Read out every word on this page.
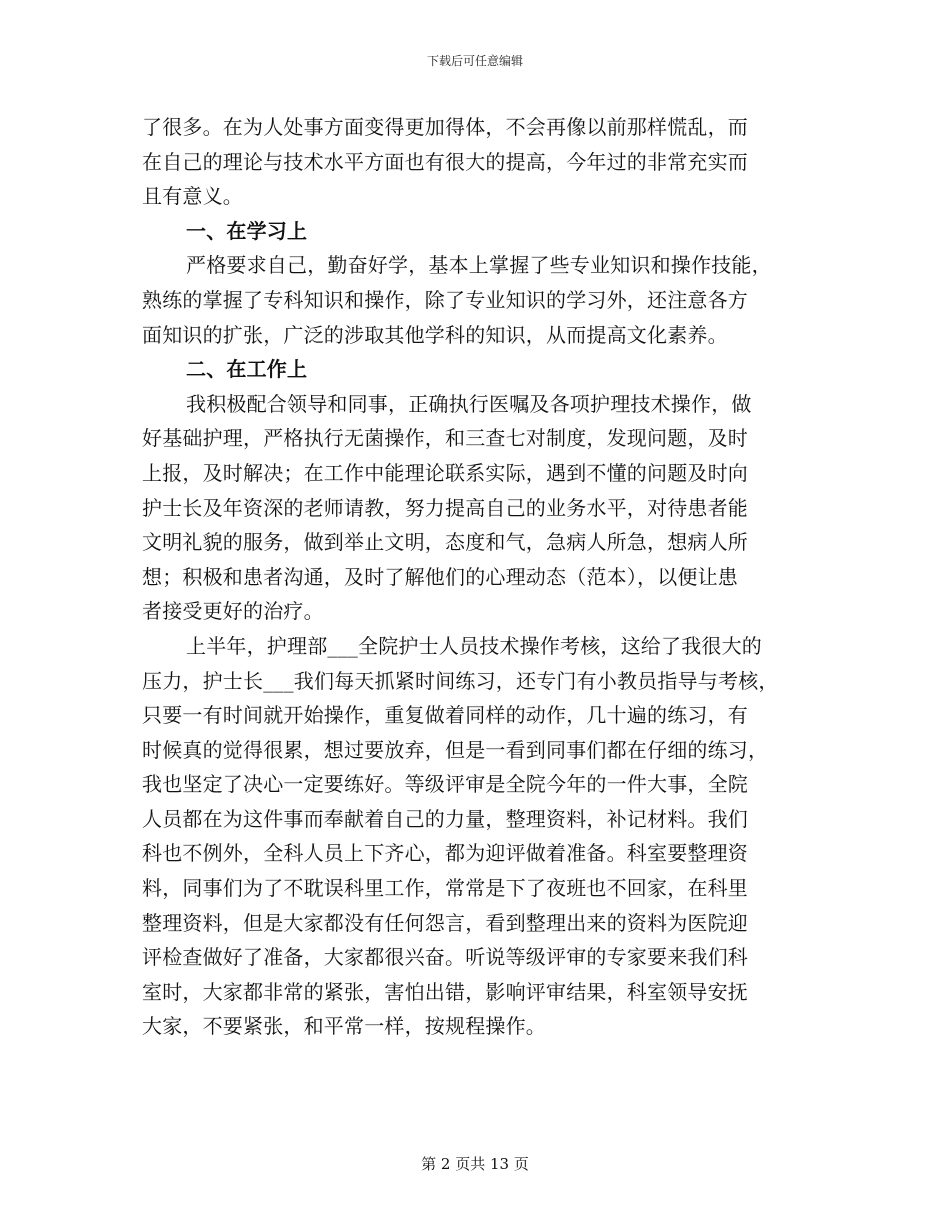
下载后可任意编辑
了很多。在为人处事方面变得更加得体，不会再像以前那样慌乱，而
在自己的理论与技术水平方面也有很大的提高，今年过的非常充实而
且有意义。
一、在学习上
严格要求自己，勤奋好学，基本上掌握了些专业知识和操作技能，
熟练的掌握了专科知识和操作，除了专业知识的学习外，还注意各方
面知识的扩张，广泛的涉取其他学科的知识，从而提高文化素养。
二、在工作上
我积极配合领导和同事，正确执行医嘱及各项护理技术操作，做
好基础护理，严格执行无菌操作，和三查七对制度，发现问题，及时
上报，及时解决；在工作中能理论联系实际，遇到不懂的问题及时向
护士长及年资深的老师请教，努力提高自己的业务水平，对待患者能
文明礼貌的服务，做到举止文明，态度和气，急病人所急，想病人所
想；积极和患者沟通，及时了解他们的心理动态（范本），以便让患
者接受更好的治疗。
上半年，护理部___全院护士人员技术操作考核，这给了我很大的
压力，护士长___我们每天抓紧时间练习，还专门有小教员指导与考核，
只要一有时间就开始操作，重复做着同样的动作，几十遍的练习，有
时候真的觉得很累，想过要放弃，但是一看到同事们都在仔细的练习，
我也坚定了决心一定要练好。等级评审是全院今年的一件大事，全院
人员都在为这件事而奉献着自己的力量，整理资料，补记材料。我们
科也不例外，全科人员上下齐心，都为迎评做着准备。科室要整理资
料，同事们为了不耽误科里工作，常常是下了夜班也不回家，在科里
整理资料，但是大家都没有任何怨言，看到整理出来的资料为医院迎
评检查做好了准备，大家都很兴奋。听说等级评审的专家要来我们科
室时，大家都非常的紧张，害怕出错，影响评审结果，科室领导安抚
大家，不要紧张，和平常一样，按规程操作。
第 2 页共 13 页
